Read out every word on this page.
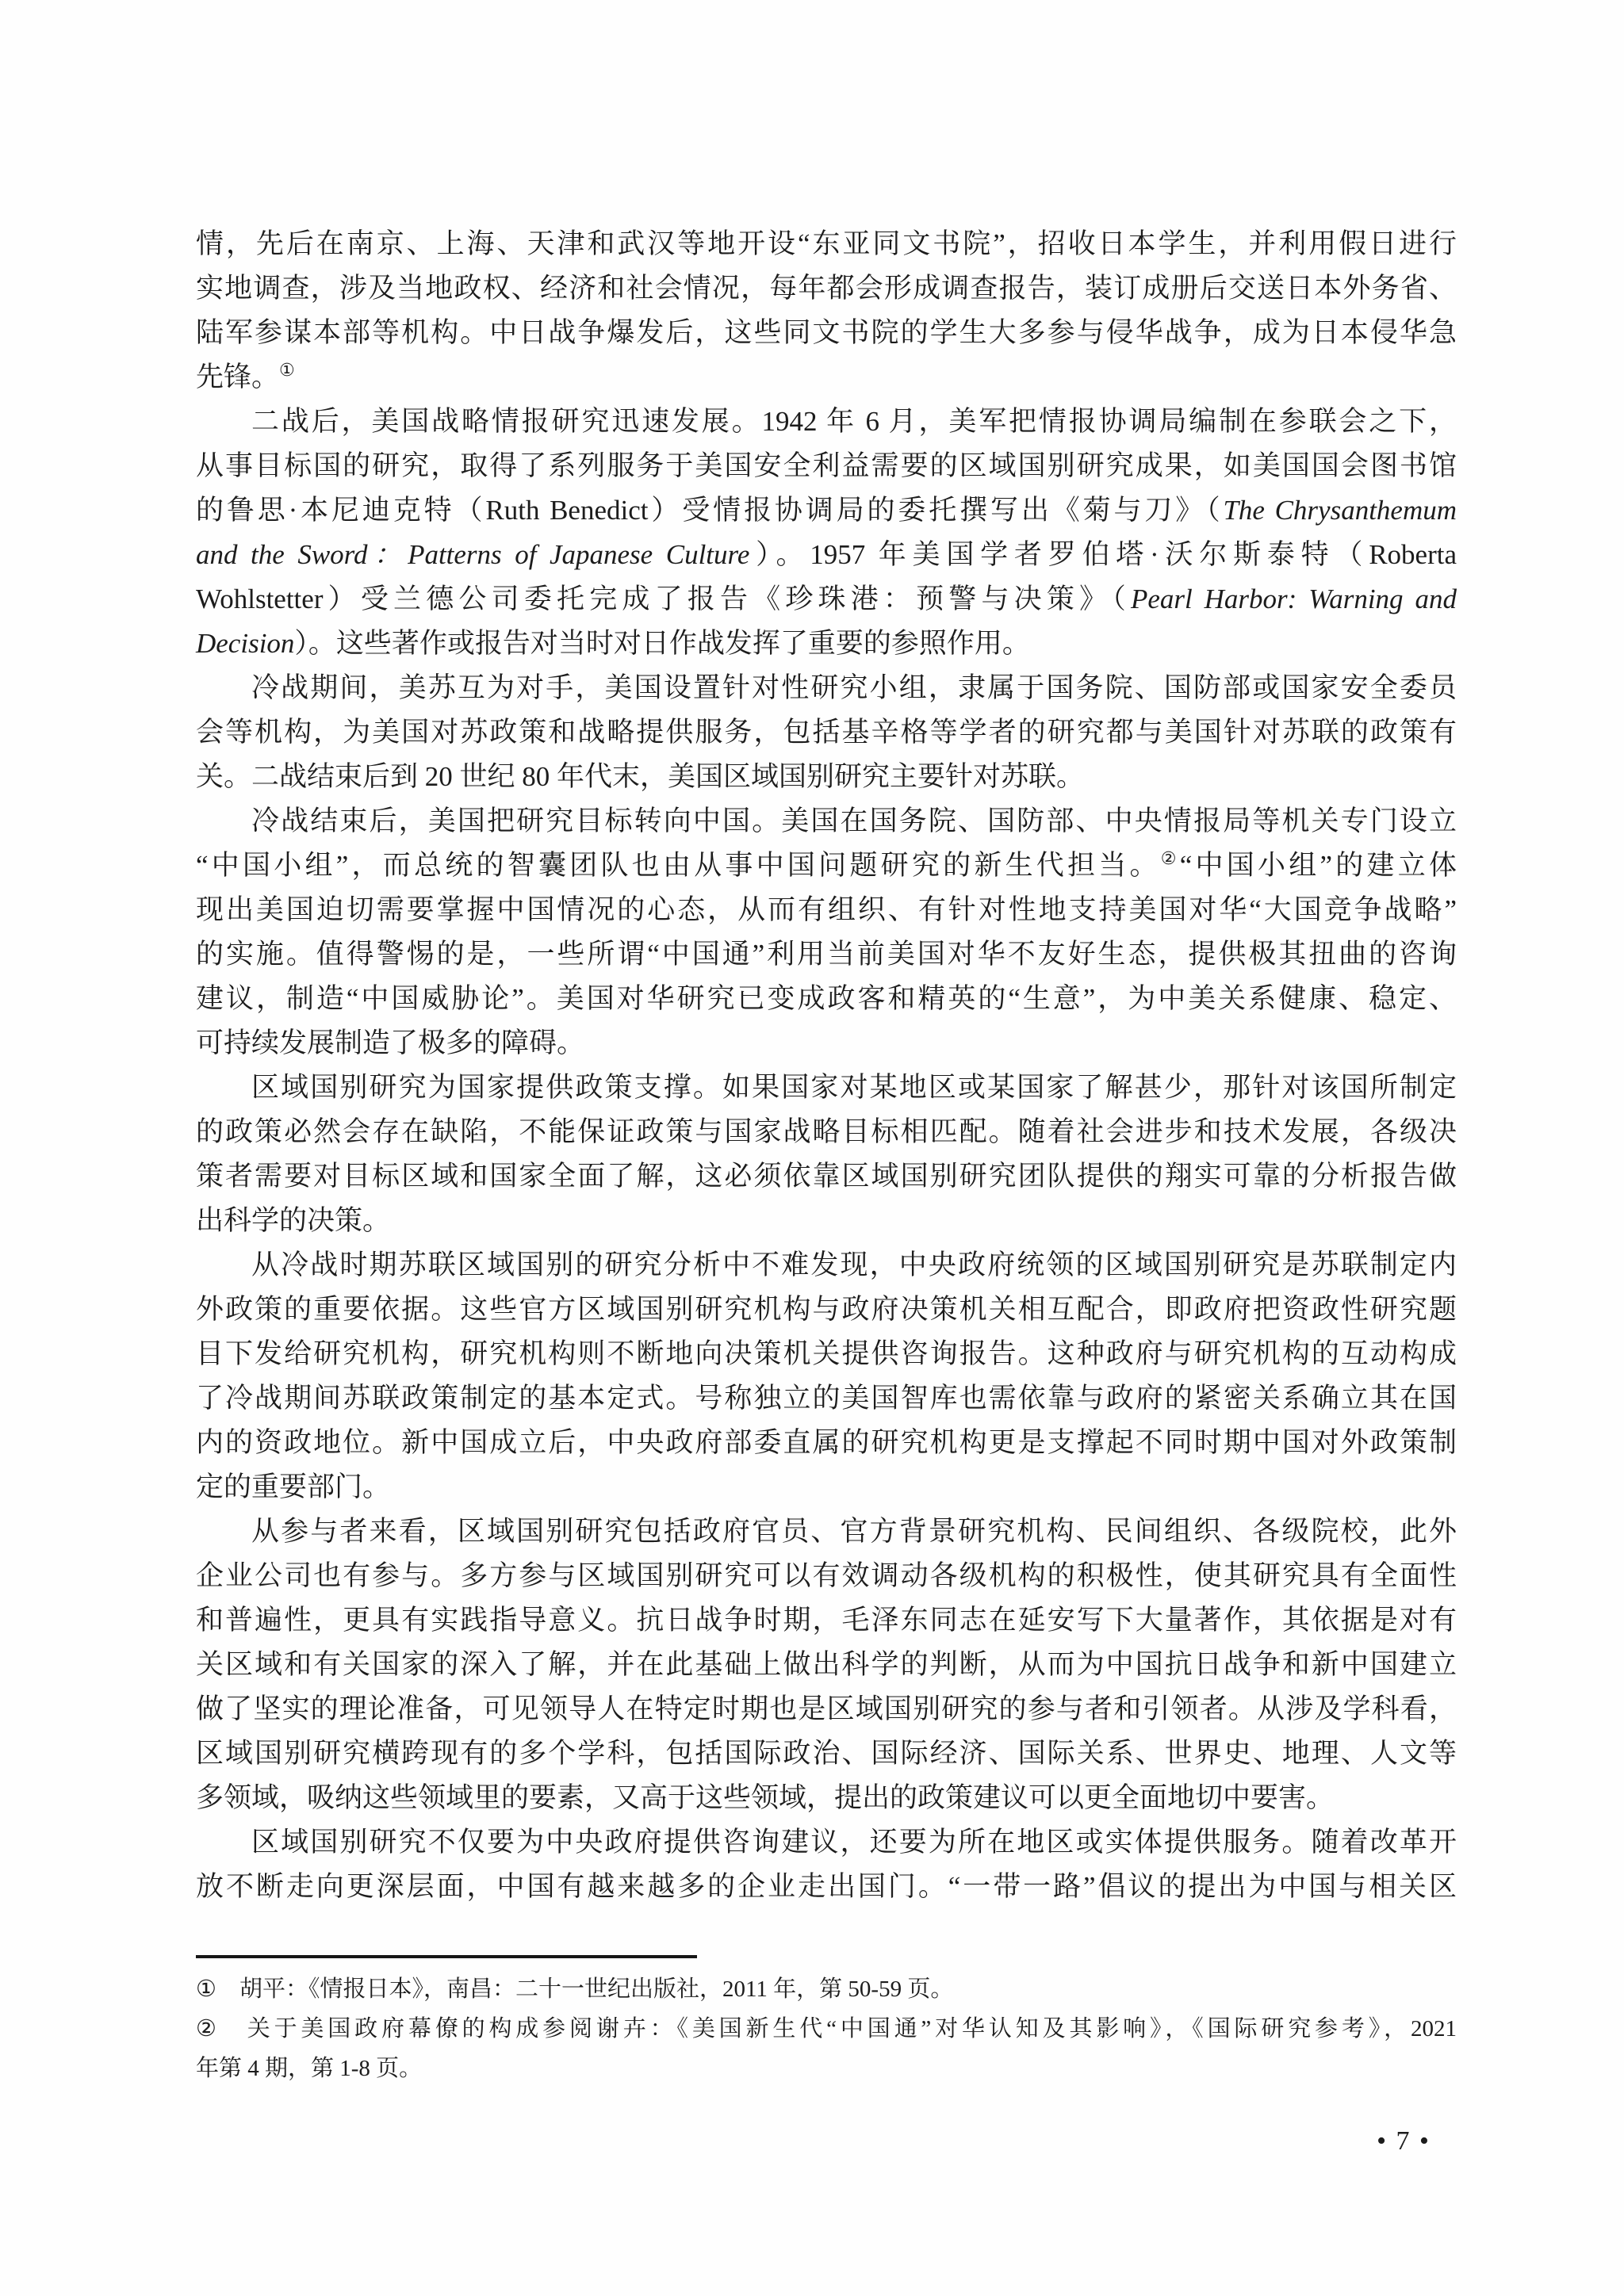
情，先后在南京、上海、天津和武汉等地开设“东亚同文书院”，招收日本学生，并利用假日进行
实地调查，涉及当地政权、经济和社会情况，每年都会形成调查报告，装订成册后交送日本外务省、
陆军参谋本部等机构。中日战争爆发后，这些同文书院的学生大多参与侵华战争，成为日本侵华急
先锋。①
二战后，美国战略情报研究迅速发展。1942 年 6 月，美军把情报协调局编制在参联会之下，
从事目标国的研究，取得了系列服务于美国安全利益需要的区域国别研究成果，如美国国会图书馆
的鲁思·本尼迪克特（Ruth Benedict）受情报协调局的委托撰写出《菊与刀》（The Chrysanthemum
and the Sword：Patterns of Japanese Culture）。1957 年美国学者罗伯塔·沃尔斯泰特（Roberta
Wohlstetter）受兰德公司委托完成了报告《珍珠港：预警与决策》（Pearl Harbor: Warning and
Decision）。这些著作或报告对当时对日作战发挥了重要的参照作用。
冷战期间，美苏互为对手，美国设置针对性研究小组，隶属于国务院、国防部或国家安全委员
会等机构，为美国对苏政策和战略提供服务，包括基辛格等学者的研究都与美国针对苏联的政策有
关。二战结束后到 20 世纪 80 年代末，美国区域国别研究主要针对苏联。
冷战结束后，美国把研究目标转向中国。美国在国务院、国防部、中央情报局等机关专门设立
“中国小组”，而总统的智囊团队也由从事中国问题研究的新生代担当。②“中国小组”的建立体
现出美国迫切需要掌握中国情况的心态，从而有组织、有针对性地支持美国对华“大国竞争战略”
的实施。值得警惕的是，一些所谓“中国通”利用当前美国对华不友好生态，提供极其扭曲的咨询
建议，制造“中国威胁论”。美国对华研究已变成政客和精英的“生意”，为中美关系健康、稳定、
可持续发展制造了极多的障碍。
区域国别研究为国家提供政策支撑。如果国家对某地区或某国家了解甚少，那针对该国所制定
的政策必然会存在缺陷，不能保证政策与国家战略目标相匹配。随着社会进步和技术发展，各级决
策者需要对目标区域和国家全面了解，这必须依靠区域国别研究团队提供的翔实可靠的分析报告做
出科学的决策。
从冷战时期苏联区域国别的研究分析中不难发现，中央政府统领的区域国别研究是苏联制定内
外政策的重要依据。这些官方区域国别研究机构与政府决策机关相互配合，即政府把资政性研究题
目下发给研究机构，研究机构则不断地向决策机关提供咨询报告。这种政府与研究机构的互动构成
了冷战期间苏联政策制定的基本定式。号称独立的美国智库也需依靠与政府的紧密关系确立其在国
内的资政地位。新中国成立后，中央政府部委直属的研究机构更是支撑起不同时期中国对外政策制
定的重要部门。
从参与者来看，区域国别研究包括政府官员、官方背景研究机构、民间组织、各级院校，此外
企业公司也有参与。多方参与区域国别研究可以有效调动各级机构的积极性，使其研究具有全面性
和普遍性，更具有实践指导意义。抗日战争时期，毛泽东同志在延安写下大量著作，其依据是对有
关区域和有关国家的深入了解，并在此基础上做出科学的判断，从而为中国抗日战争和新中国建立
做了坚实的理论准备，可见领导人在特定时期也是区域国别研究的参与者和引领者。从涉及学科看，
区域国别研究横跨现有的多个学科，包括国际政治、国际经济、国际关系、世界史、地理、人文等
多领域，吸纳这些领域里的要素，又高于这些领域，提出的政策建议可以更全面地切中要害。
区域国别研究不仅要为中央政府提供咨询建议，还要为所在地区或实体提供服务。随着改革开
放不断走向更深层面，中国有越来越多的企业走出国门。“一带一路”倡议的提出为中国与相关区
①　胡平：《情报日本》，南昌：二十一世纪出版社，2011 年，第 50-59 页。
②　关于美国政府幕僚的构成参阅谢卉：《美国新生代“中国通”对华认知及其影响》，《国际研究参考》，2021
年第 4 期，第 1-8 页。
• 7 •
